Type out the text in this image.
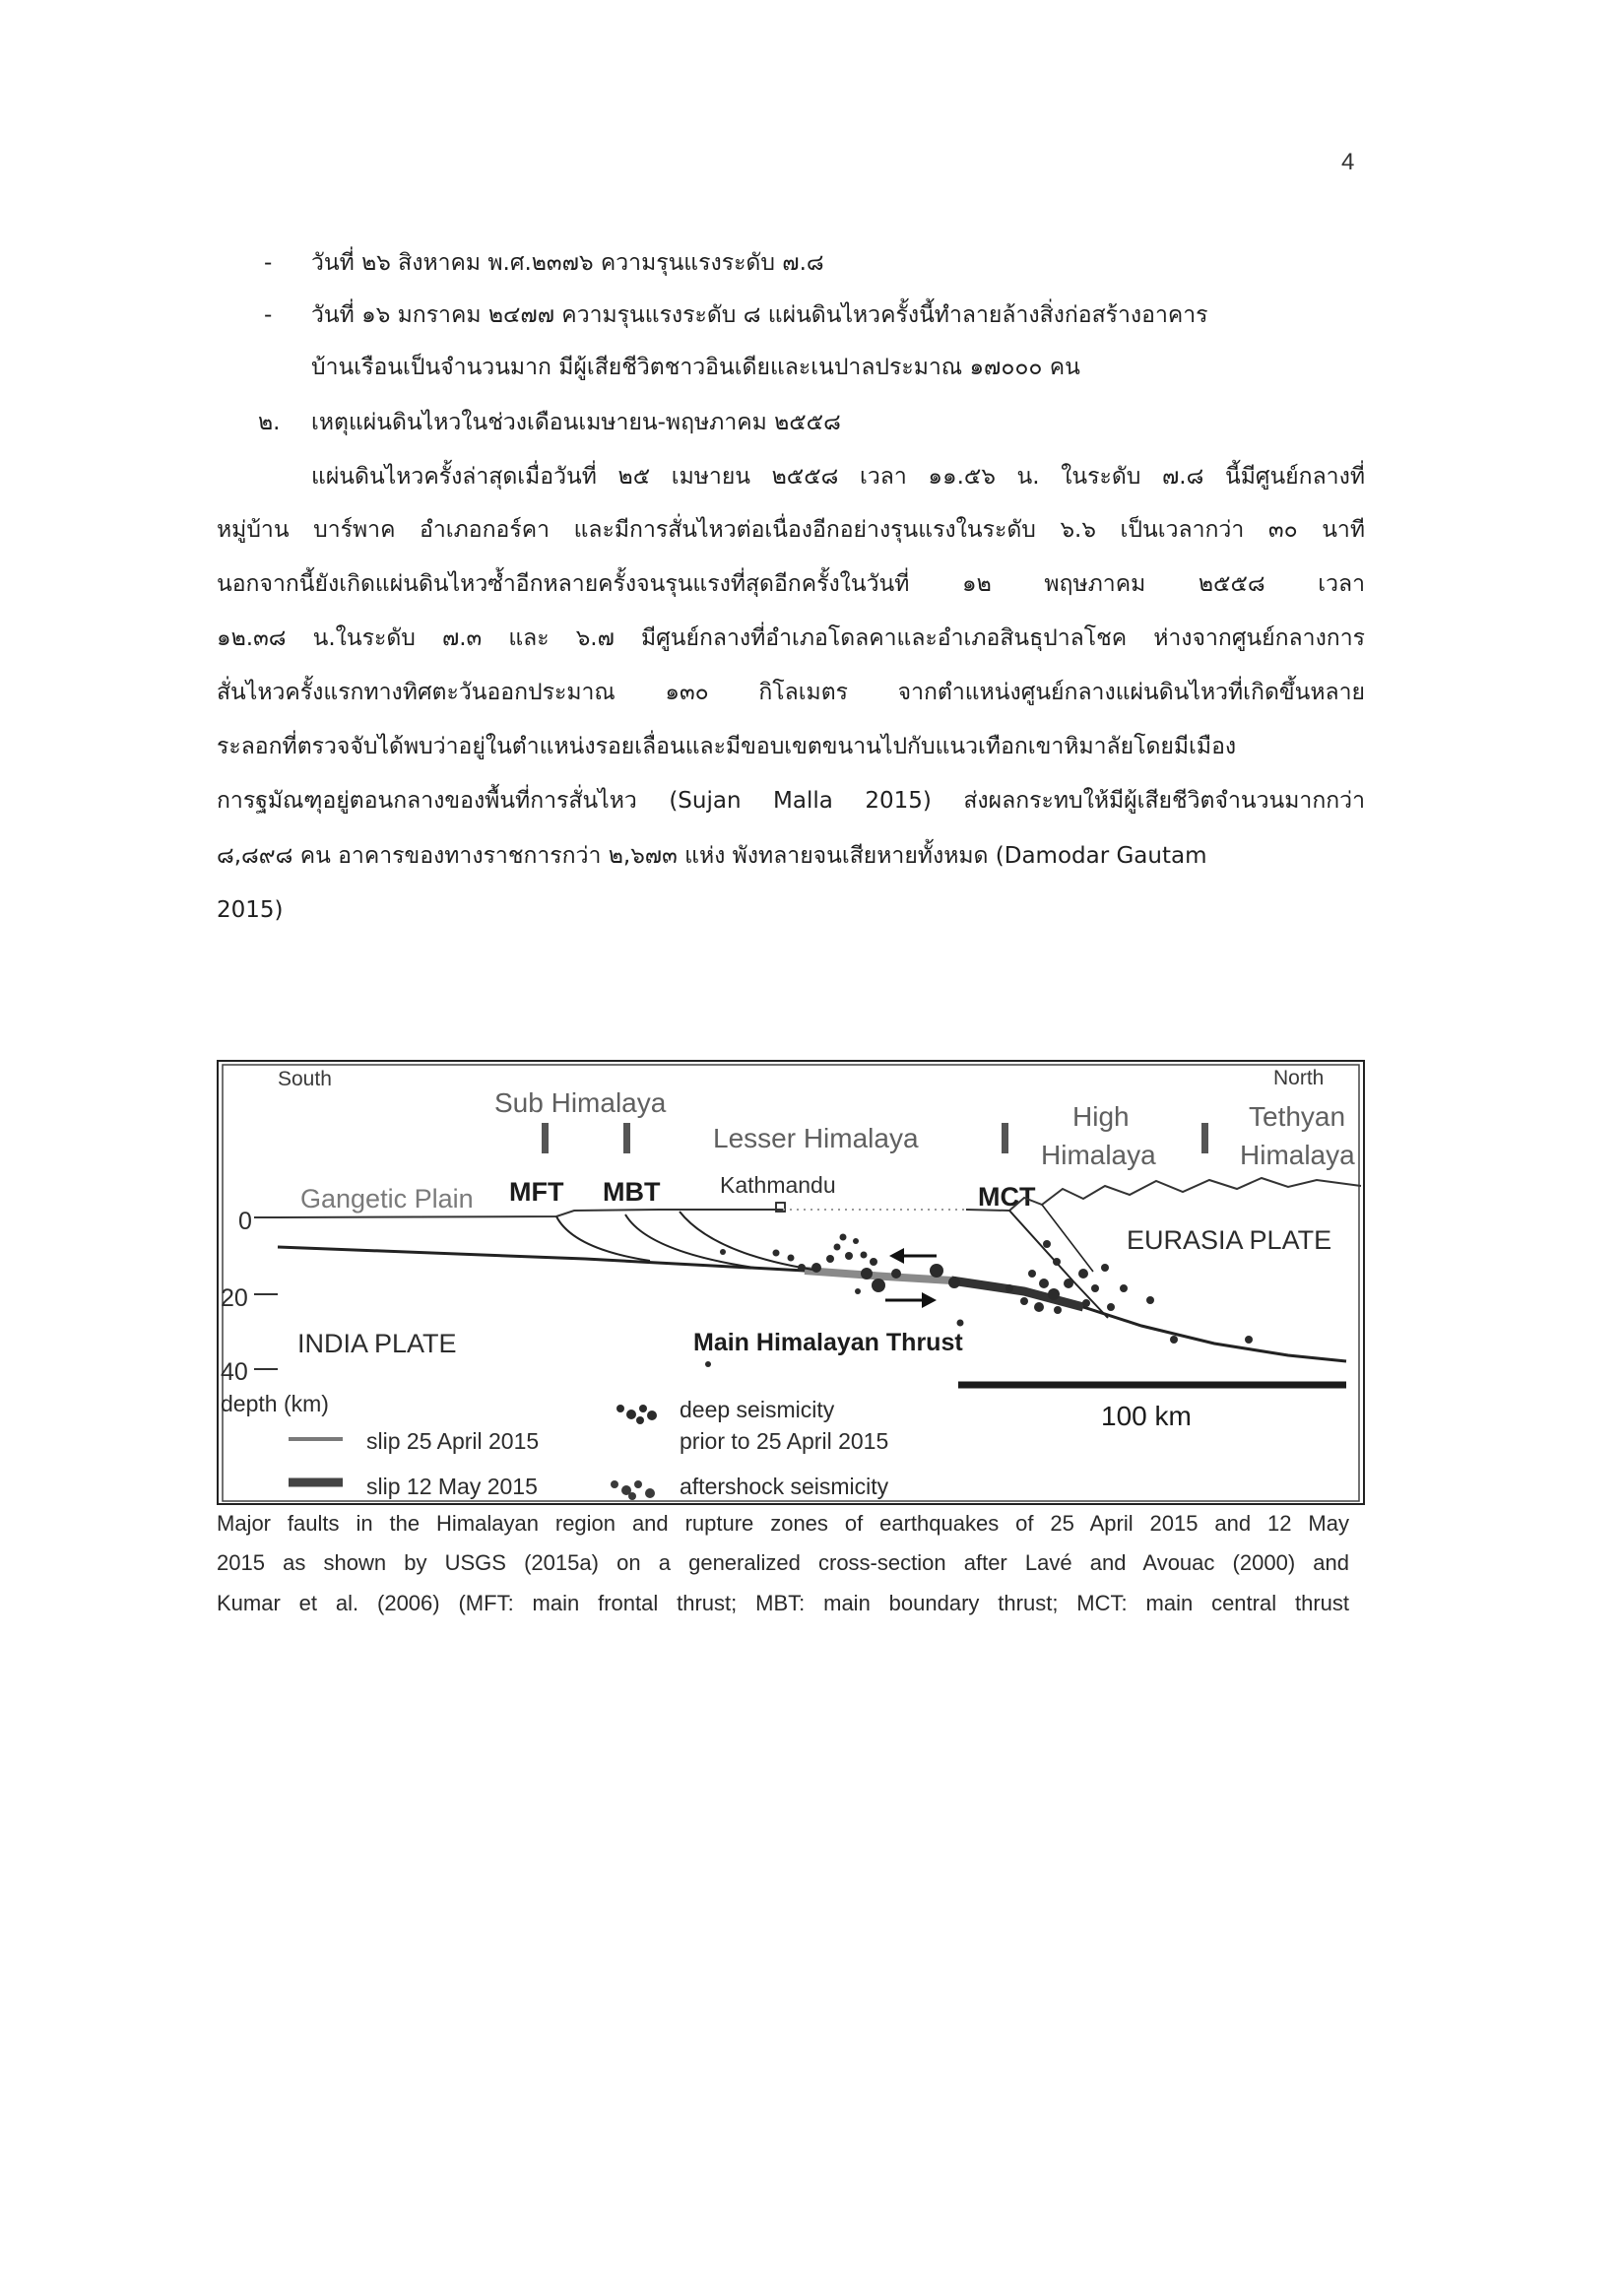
4
-	วันที่ ๒๖ สิงหาคม พ.ศ.๒๓๗๖ ความรุนแรงระดับ ๗.๘
-	วันที่ ๑๖ มกราคม ๒๔๗๗ ความรุนแรงระดับ ๘ แผ่นดินไหวครั้งนี้ทำลายล้างสิ่งก่อสร้างอาคาร
บ้านเรือนเป็นจำนวนมาก มีผู้เสียชีวิตชาวอินเดียและเนปาลประมาณ ๑๗๐๐๐ คน
๒.	เหตุแผ่นดินไหวในช่วงเดือนเมษายน-พฤษภาคม ๒๕๕๘
แผ่นดินไหวครั้งล่าสุดเมื่อวันที่ ๒๕ เมษายน ๒๕๕๘ เวลา ๑๑.๕๖ น. ในระดับ ๗.๘ นี้มีศูนย์กลางที่
หมู่บ้าน บาร์พาค อำเภอกอร์คา และมีการสั่นไหวต่อเนื่องอีกอย่างรุนแรงในระดับ ๖.๖ เป็นเวลากว่า ๓๐ นาที
นอกจากนี้ยังเกิดแผ่นดินไหวซ้ำอีกหลายครั้งจนรุนแรงที่สุดอีกครั้งในวันที่ ๑๒ พฤษภาคม ๒๕๕๘ เวลา
๑๒.๓๘ น.ในระดับ ๗.๓ และ ๖.๗ มีศูนย์กลางที่อำเภอโดลคาและอำเภอสินธุปาลโชค ห่างจากศูนย์กลางการ
สั่นไหวครั้งแรกทางทิศตะวันออกประมาณ ๑๓๐ กิโลเมตร จากตำแหน่งศูนย์กลางแผ่นดินไหวที่เกิดขึ้นหลาย
ระลอกที่ตรวจจับได้พบว่าอยู่ในตำแหน่งรอยเลื่อนและมีขอบเขตขนานไปกับแนวเทือกเขาหิมาลัยโดยมีเมือง
การฐมัณฑุอยู่ตอนกลางของพื้นที่การสั่นไหว (Sujan Malla 2015) ส่งผลกระทบให้มีผู้เสียชีวิตจำนวนมากกว่า
๘,๘๙๘ คน อาคารของทางราชการกว่า ๒,๖๗๓ แห่ง พังทลายจนเสียหายทั้งหมด (Damodar Gautam
2015)
South	North
Sub Himalaya
Lesser Himalaya
High
Himalaya
Tethyan
Himalaya
Gangetic Plain MFT MBT	MCT
Kathmandu
EURASIA PLATE
INDIA PLATE	Main Himalayan Thrust
0
20
40
depth (km)
slip 25 April 2015
slip 12 May 2015
deep seismicity
prior to 25 April 2015
aftershock seismicity
100 km
Major faults in the Himalayan region and rupture zones of earthquakes of 25 April 2015 and 12 May
2015 as shown by USGS (2015a) on a generalized cross-section after Lavé and Avouac (2000) and
Kumar et al. (2006) (MFT: main frontal thrust; MBT: main boundary thrust; MCT: main central thrust
